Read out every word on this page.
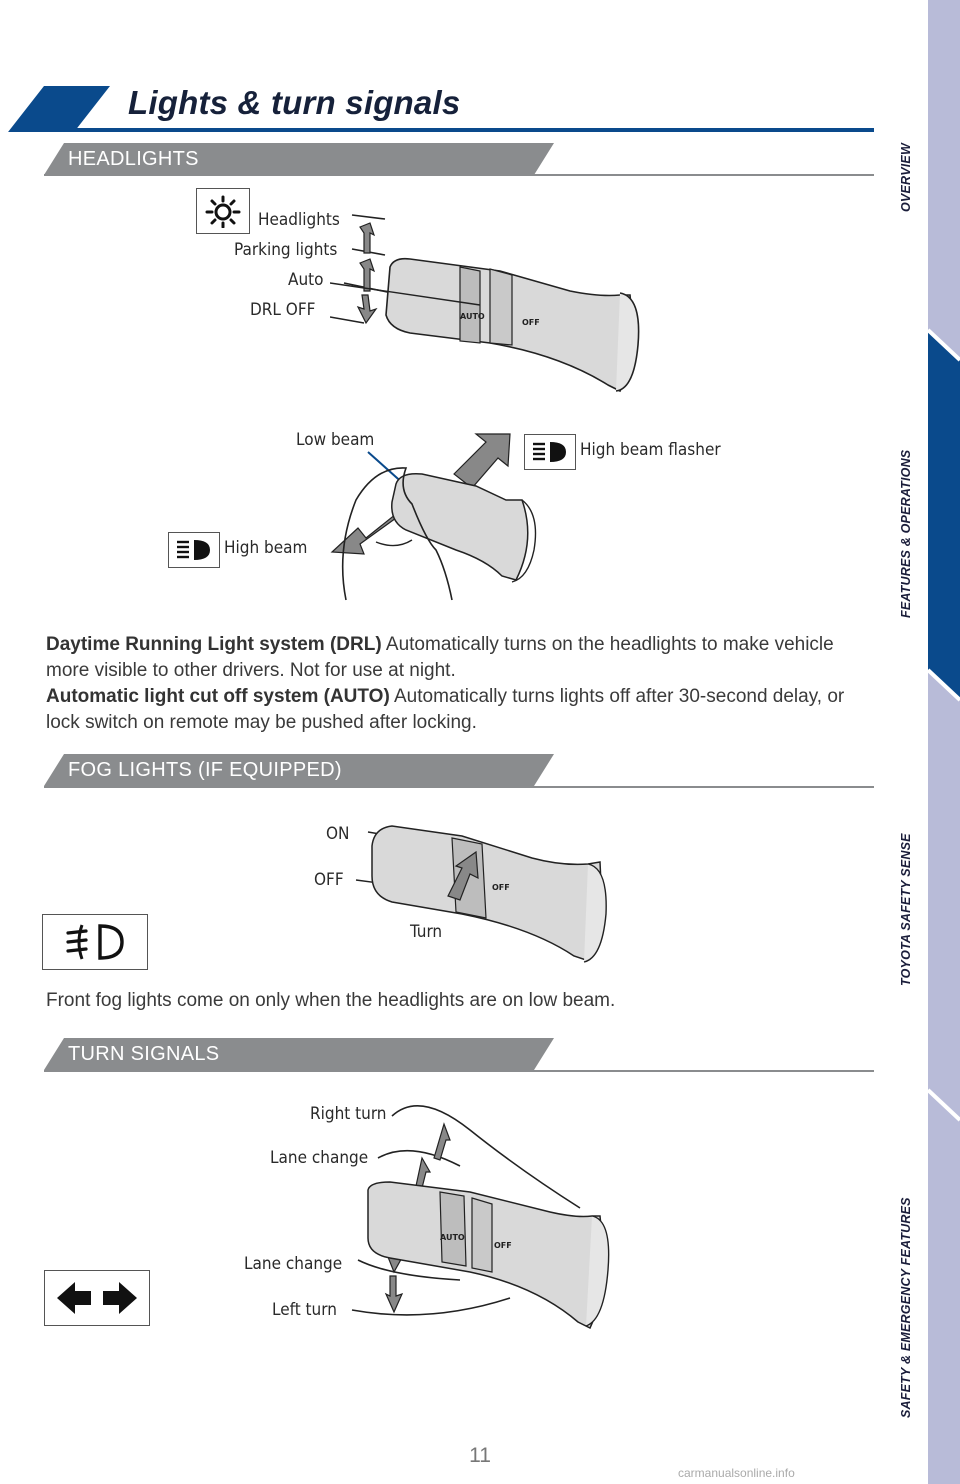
Lights & turn signals
HEADLIGHTS
Headlights
Parking lights
Auto
DRL OFF	AUTO
OFF
Low beam	High beam flasher
High beam
Daytime Running Light system (DRL) Automatically turns on the headlights to make vehicle more visible to other drivers. Not for use at night.
Automatic light cut off system (AUTO) Automatically turns lights off after 30-second delay, or lock switch on remote may be pushed after locking.
FOG LIGHTS (IF EQUIPPED)
ON
OFF
Turn
OFF
Front fog lights come on only when the headlights are on low beam.
TURN SIGNALS
Right turn
Lane change
Lane change
Left turn
AUTO
OFF
OVERVIEW
FEATURES & OPERATIONS
TOYOTA SAFETY SENSE
SAFETY & EMERGENCY FEATURES
11
carmanualsonline.info
